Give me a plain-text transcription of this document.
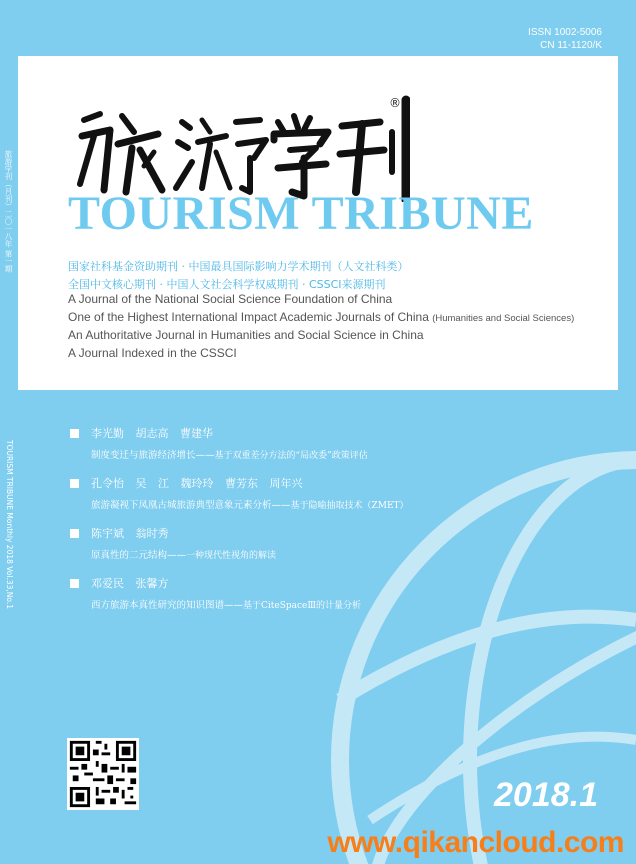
ISSN 1002-5006
CN 11-1120/K
®
TOURISM TRIBUNE
国家社科基金资助期刊 · 中国最具国际影响力学术期刊（人文社科类）
全国中文核心期刊 · 中国人文社会科学权威期刊 · CSSCI来源期刊
A Journal of the National Social Science Foundation of China
One of the Highest International Impact Academic Journals of China (Humanities and Social Sciences)
An Authoritative Journal in Humanities and Social Science in China
A Journal Indexed in the CSSCI
旅游学刊（月刊）二〇一八年 第一期
TOURISM TRIBUNE Monthly 2018 Vol.33,No.1
李光勤 胡志高 曹建华
制度变迁与旅游经济增长——基于双重差分方法的“局改委”政策评估
孔令怡 吴 江 魏玲玲 曹芳东 周年兴
旅游凝视下凤凰古城旅游典型意象元素分析——基于隐喻抽取技术（ZMET）
陈宇斌 翁时秀
原真性的二元结构——一种现代性视角的解读
邓爱民 张馨方
西方旅游本真性研究的知识图谱——基于CiteSpaceⅢ的计量分析
2018.1
www.qikancloud.com
